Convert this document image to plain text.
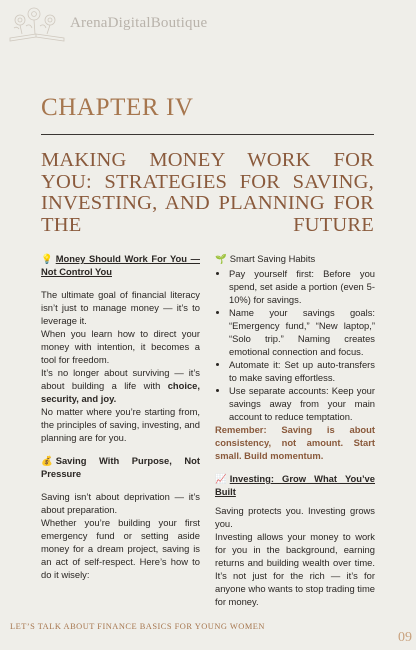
ArenaDigitalBoutique
CHAPTER IV
MAKING MONEY WORK FOR YOU: STRATEGIES FOR SAVING, INVESTING, AND PLANNING FOR THE FUTURE

💡 Money Should Work For You — Not Control You

The ultimate goal of financial literacy isn’t just to manage money — it’s to leverage it.

When you learn how to direct your money with intention, it becomes a tool for freedom.

It’s no longer about surviving — it’s about building a life with choice, security, and joy.

No matter where you’re starting from, the principles of saving, investing, and planning are for you.

💰 Saving With Purpose, Not Pressure

Saving isn’t about deprivation — it’s about preparation.

Whether you’re building your first emergency fund or setting aside money for a dream project, saving is an act of self-respect. Here’s how to do it wisely:

🌱 Smart Saving Habits

• Pay yourself first: Before you spend, set aside a portion (even 5-10%) for savings.
• Name your savings goals: “Emergency fund,” “New laptop,” “Solo trip.” Naming creates emotional connection and focus.
• Automate it: Set up auto-transfers to make saving effortless.
• Use separate accounts: Keep your savings away from your main account to reduce temptation.

Remember: Saving is about consistency, not amount. Start small. Build momentum.

📈 Investing: Grow What You’ve Built

Saving protects you. Investing grows you.

Investing allows your money to work for you in the background, earning returns and building wealth over time. It’s not just for the rich — it’s for anyone who wants to stop trading time for money.

LET’S TALK ABOUT FINANCE BASICS FOR YOUNG WOMEN
09
